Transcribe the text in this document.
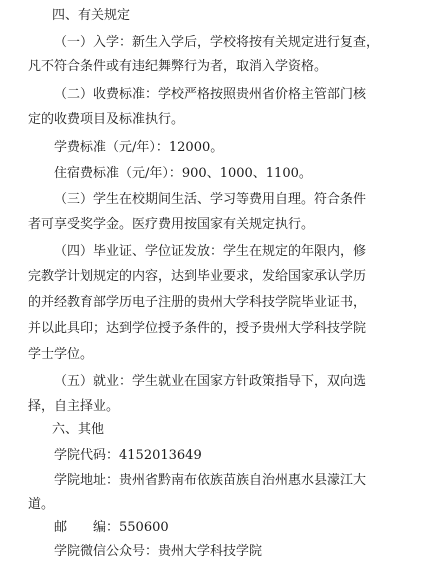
四、有关规定
（一）入学：新生入学后，学校将按有关规定进行复查，
凡不符合条件或有违纪舞弊行为者，取消入学资格。
（二）收费标准：学校严格按照贵州省价格主管部门核
定的收费项目及标准执行。
学费标准（元/年）：12000。
住宿费标准（元/年）：900、1000、1100。
（三）学生在校期间生活、学习等费用自理。符合条件
者可享受奖学金。医疗费用按国家有关规定执行。
（四）毕业证、学位证发放：学生在规定的年限内，修
完教学计划规定的内容，达到毕业要求，发给国家承认学历
的并经教育部学历电子注册的贵州大学科技学院毕业证书，
并以此具印；达到学位授予条件的，授予贵州大学科技学院
学士学位。
（五）就业：学生就业在国家方针政策指导下，双向选
择，自主择业。
六、其他
学院代码：4152013649
学院地址：贵州省黔南布依族苗族自治州惠水县濛江大
道。
邮　　编：550600
学院微信公众号：贵州大学科技学院
